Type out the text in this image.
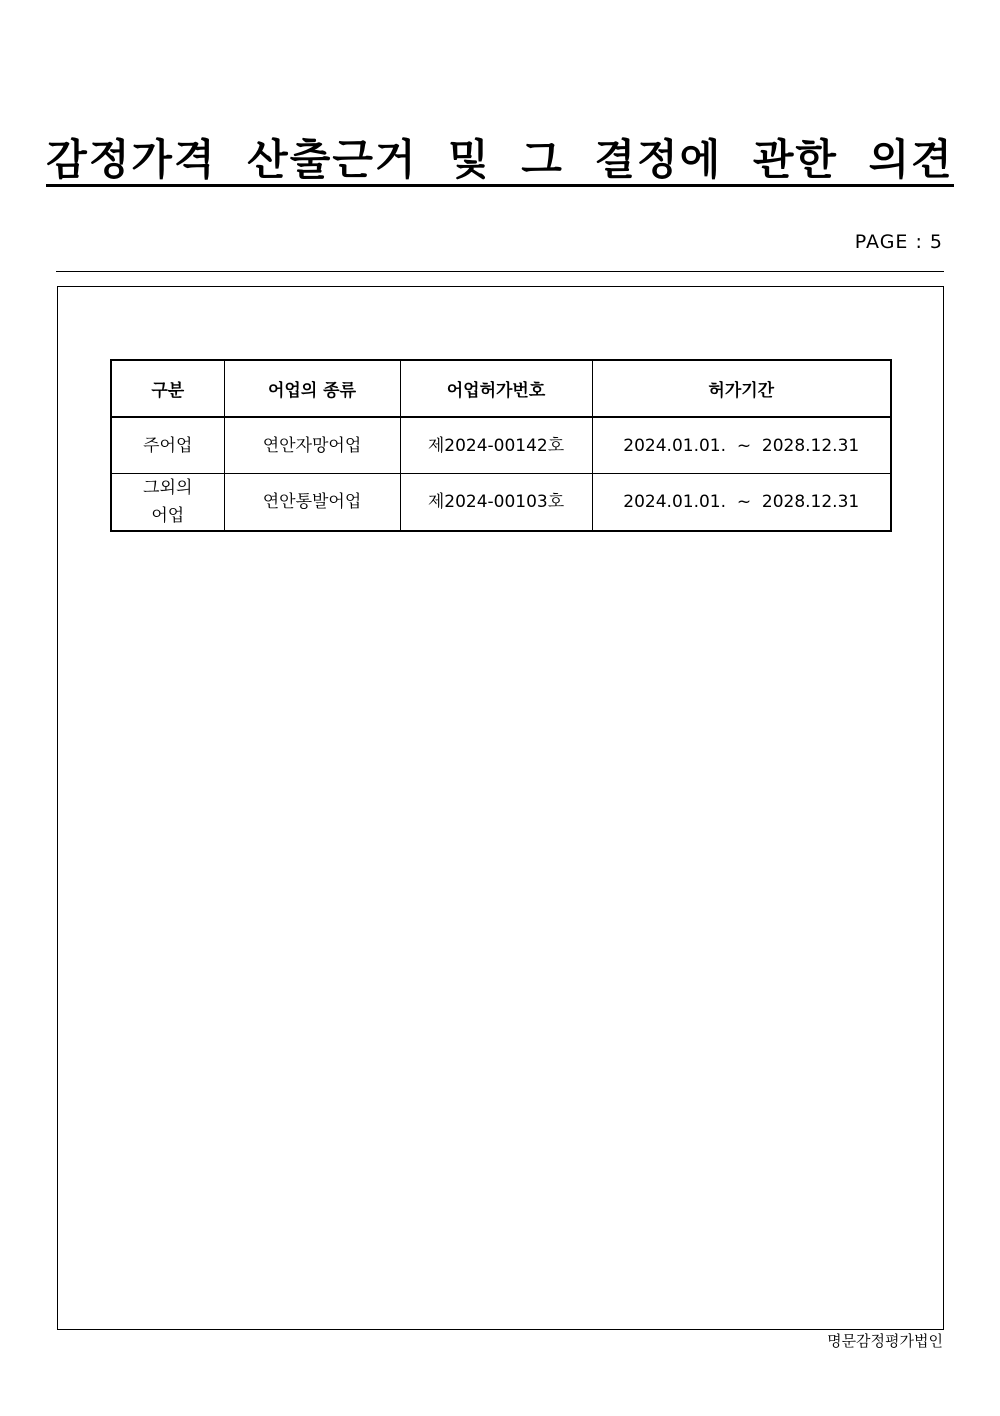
감정가격 산출근거 및 그 결정에 관한 의견
PAGE : 5
구분	어업의 종류	어업허가번호	허가기간
주어업	연안자망어업	제2024-00142호	2024.01.01.  ~  2028.12.31
그외의
어업	연안통발어업	제2024-00103호	2024.01.01.  ~  2028.12.31
명문감정평가법인
